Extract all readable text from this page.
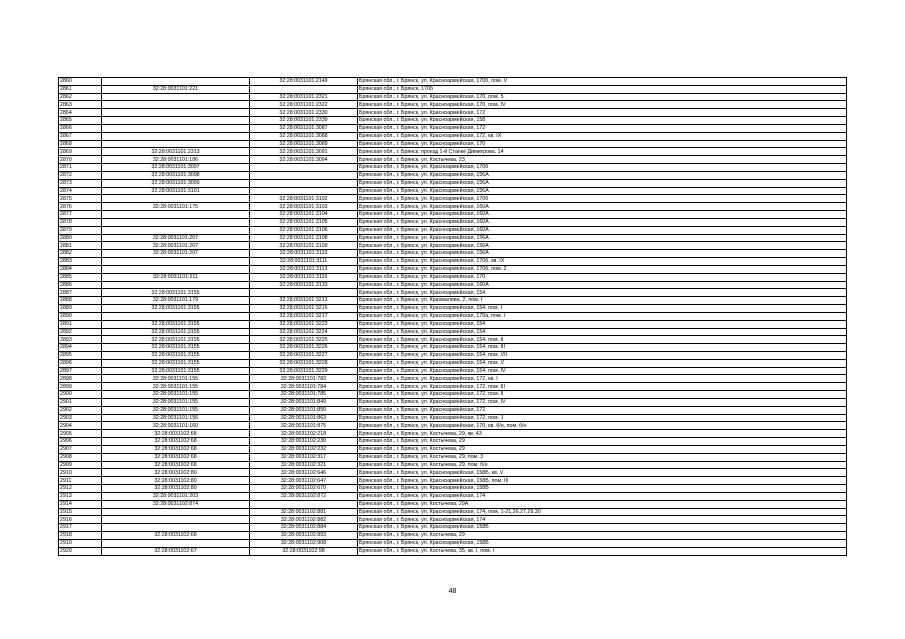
2860		32:28:0031101:2149	Брянская обл., г. Брянск, ул. Красноармейская, 170б, пом. V
2861	32:28:0031101:221		Брянская обл., г. Брянск, 170б
2862		32:28:0031101:2321	Брянская обл., г. Брянск, ул. Красноармейская, 170, пом. 5
2863		32:28:0031101:2322	Брянская обл., г. Брянск, ул. Красноармейская, 170, пом. IV
2864		32:28:0031101:2330	Брянская обл., г. Брянск, ул. Красноармейская, 172
2865		32:28:0031101:2339	Брянская обл., г. Брянск, ул. Красноармейская, 158
2866		32:28:0031101:3087	Брянская обл., г. Брянск, ул. Красноармейская, 172
2867		32:28:0031101:3088	Брянская обл., г. Брянск, ул. Красноармейская, 172, кв. IX
2868		32:28:0031101:3089	Брянская обл., г. Брянск, ул. Красноармейская, 170
2869	32:28:0031101:2313	32:28:0031101:3091	Брянская обл., г. Брянск, проезд 1-й Станке Димитрова, 14
2870	32:28:0031101:186	32:28:0031101:3094	Брянская обл., г. Брянск, ул. Костычева, 23
2871	32:28:0031101:3097		Брянская обл., г. Брянск, ул. Красноармейская, 170б
2872	32:28:0031101:3098		Брянская обл., г. Брянск, ул. Красноармейская, 156А
2873	32:28:0031101:3099		Брянская обл., г. Брянск, ул. Красноармейская, 156А
2874	32:28:0031101:3101		Брянская обл., г. Брянск, ул. Красноармейская, 156А
2875		32:28:0031101:3102	Брянская обл., г. Брянск, ул. Красноармейская, 170б
2876	32:28:0031101:175	32:28:0031101:3103	Брянская обл., г. Брянск, ул. Красноармейская, 160А
2877		32:28:0031101:3104	Брянская обл., г. Брянск, ул. Красноармейская, 160А
2878		32:28:0031101:3105	Брянская обл., г. Брянск, ул. Красноармейская, 160А
2879		32:28:0031101:3106	Брянская обл., г. Брянск, ул. Красноармейская, 160А
2880	32:28:0031101:207	32:28:0031101:3108	Брянская обл., г. Брянск, ул. Красноармейская, 156А
2881	32:28:0031101:207	32:28:0031101:3109	Брянская обл., г. Брянск, ул. Красноармейская, 156А
2882	32:28:0031101:207	32:28:0031101:3110	Брянская обл., г. Брянск, ул. Красноармейская, 156А
2883		32:28:0031101:3111	Брянская обл., г. Брянск, ул. Красноармейская, 170б, кв. IX
2884		32:28:0031101:3113	Брянская обл., г. Брянск, ул. Красноармейская, 170б, пом. 2
2885	32:28:0031101:211	32:28:0031101:3116	Брянская обл., г. Брянск, ул. Красноармейская, 170
2886		32:28:0031101:3133	Брянская обл., г. Брянск, ул. Красноармейская, 160А
2887	32:28:0031101:3155		Брянская обл., г. Брянск, ул. Красноармейская, 154
2888	32:28:0031101:179	32:28:0031101:3213	Брянская обл., г. Брянск, ул. Крахмалева, 2, пом. I
2889	32:28:0031101:3155	32:28:0031101:3216	Брянская обл., г. Брянск, ул. Красноармейская, 154, пом. I
2890		32:28:0031101:3217	Брянская обл., г. Брянск, ул. Красноармейская, 170а, пом. I
2891	32:28:0031101:3155	32:28:0031101:3223	Брянская обл., г. Брянск, ул. Красноармейская, 154
2892	32:28:0031101:3155	32:28:0031101:3224	Брянская обл., г. Брянск, ул. Красноармейская, 154
2893	32:28:0031101:3155	32:28:0031101:3225	Брянская обл., г. Брянск, ул. Красноармейская, 154, пом. II
2894	32:28:0031101:3155	32:28:0031101:3226	Брянская обл., г. Брянск, ул. Красноармейская, 154, пом. III
2895	32:28:0031101:3155	32:28:0031101:3227	Брянская обл., г. Брянск, ул. Красноармейская, 154, пом. VII
2896	32:28:0031101:3155	32:28:0031101:3228	Брянская обл., г. Брянск, ул. Красноармейская, 154, пом. V
2897	32:28:0031101:3155	32:28:0031101:3229	Брянская обл., г. Брянск, ул. Красноармейская, 154, пом. IV
2898	32:28:0031101:155	32:28:0031101:783	Брянская обл., г. Брянск, ул. Красноармейская, 172, кв. I
2899	32:28:0031101:155	32:28:0031101:784	Брянская обл., г. Брянск, ул. Красноармейская, 172, пом. III
2900	32:28:0031101:155	32:28:0031101:785	Брянская обл., г. Брянск, ул. Красноармейская, 172, пом. II
2901	32:28:0031101:155	32:28:0031101:849	Брянская обл., г. Брянск, ул. Красноармейская, 172, пом. IV
2902	32:28:0031101:155	32:28:0031101:850	Брянская обл., г. Брянск, ул. Красноармейская, 172
2903	32:28:0031101:156	32:28:0031101:863	Брянская обл., г. Брянск, ул. Красноармейская, 172, пом. 1
2904	32:28:0031101:160	32:28:0031101:875	Брянская обл., г. Брянск, ул. Красноармейская, 170, кв. б/н, пом. б/н
2905	32:28:0031102:68	32:28:0031102:218	Брянская обл., г. Брянск, ул. Костычева, 29, кв. 43
2906	32:28:0031102:68	32:28:0031102:230	Брянская обл., г. Брянск, ул. Костычева, 29
2907	32:28:0031102:68	32:28:0031102:232	Брянская обл., г. Брянск, ул. Костычева, 29
2908	32:28:0031102:68	32:28:0031102:317	Брянская обл., г. Брянск, ул. Костычева, 29, пом. 3
2909	32:28:0031102:68	32:28:0031102:321	Брянская обл., г. Брянск, ул. Костычева, 29, пом. б/н
2910	32:28:0031102:80	32:28:0031102:646	Брянская обл., г. Брянск, ул. Красноармейская, 158Б, кв. V
2911	32:28:0031102:80	32:28:0031102:647	Брянская обл., г. Брянск, ул. Красноармейская, 158Б, пом. III
2912	32:28:0031102:80	32:28:0031102:670	Брянская обл., г. Брянск, ул. Красноармейская, 158Б
2913	32:28:0031101:203	32:28:0031102:872	Брянская обл., г. Брянск, ул. Красноармейская, 174
2914	32:28:0031102:874		Брянская обл., г. Брянск, ул. Костычева, 29А
2915		32:28:0031102:881	Брянская обл., г. Брянск, ул. Красноармейская, 174, пом. 1-21,26,27,29,30
2916		32:28:0031102:882	Брянская обл., г. Брянск, ул. Красноармейская, 174
2917		32:28:0031102:884	Брянская обл., г. Брянск, ул. Красноармейская, 158Б
2918	32:28:0031102:68	32:28:0031102:893	Брянская обл., г. Брянск, ул. Костычева, 29
2919		32:28:0031102:908	Брянская обл., г. Брянск, ул. Красноармейская, 158Б
2920	32:28:0031102:67	32:28:0031102:98	Брянская обл., г. Брянск, ул. Костычева, 35, кв. I, пом. I
48
